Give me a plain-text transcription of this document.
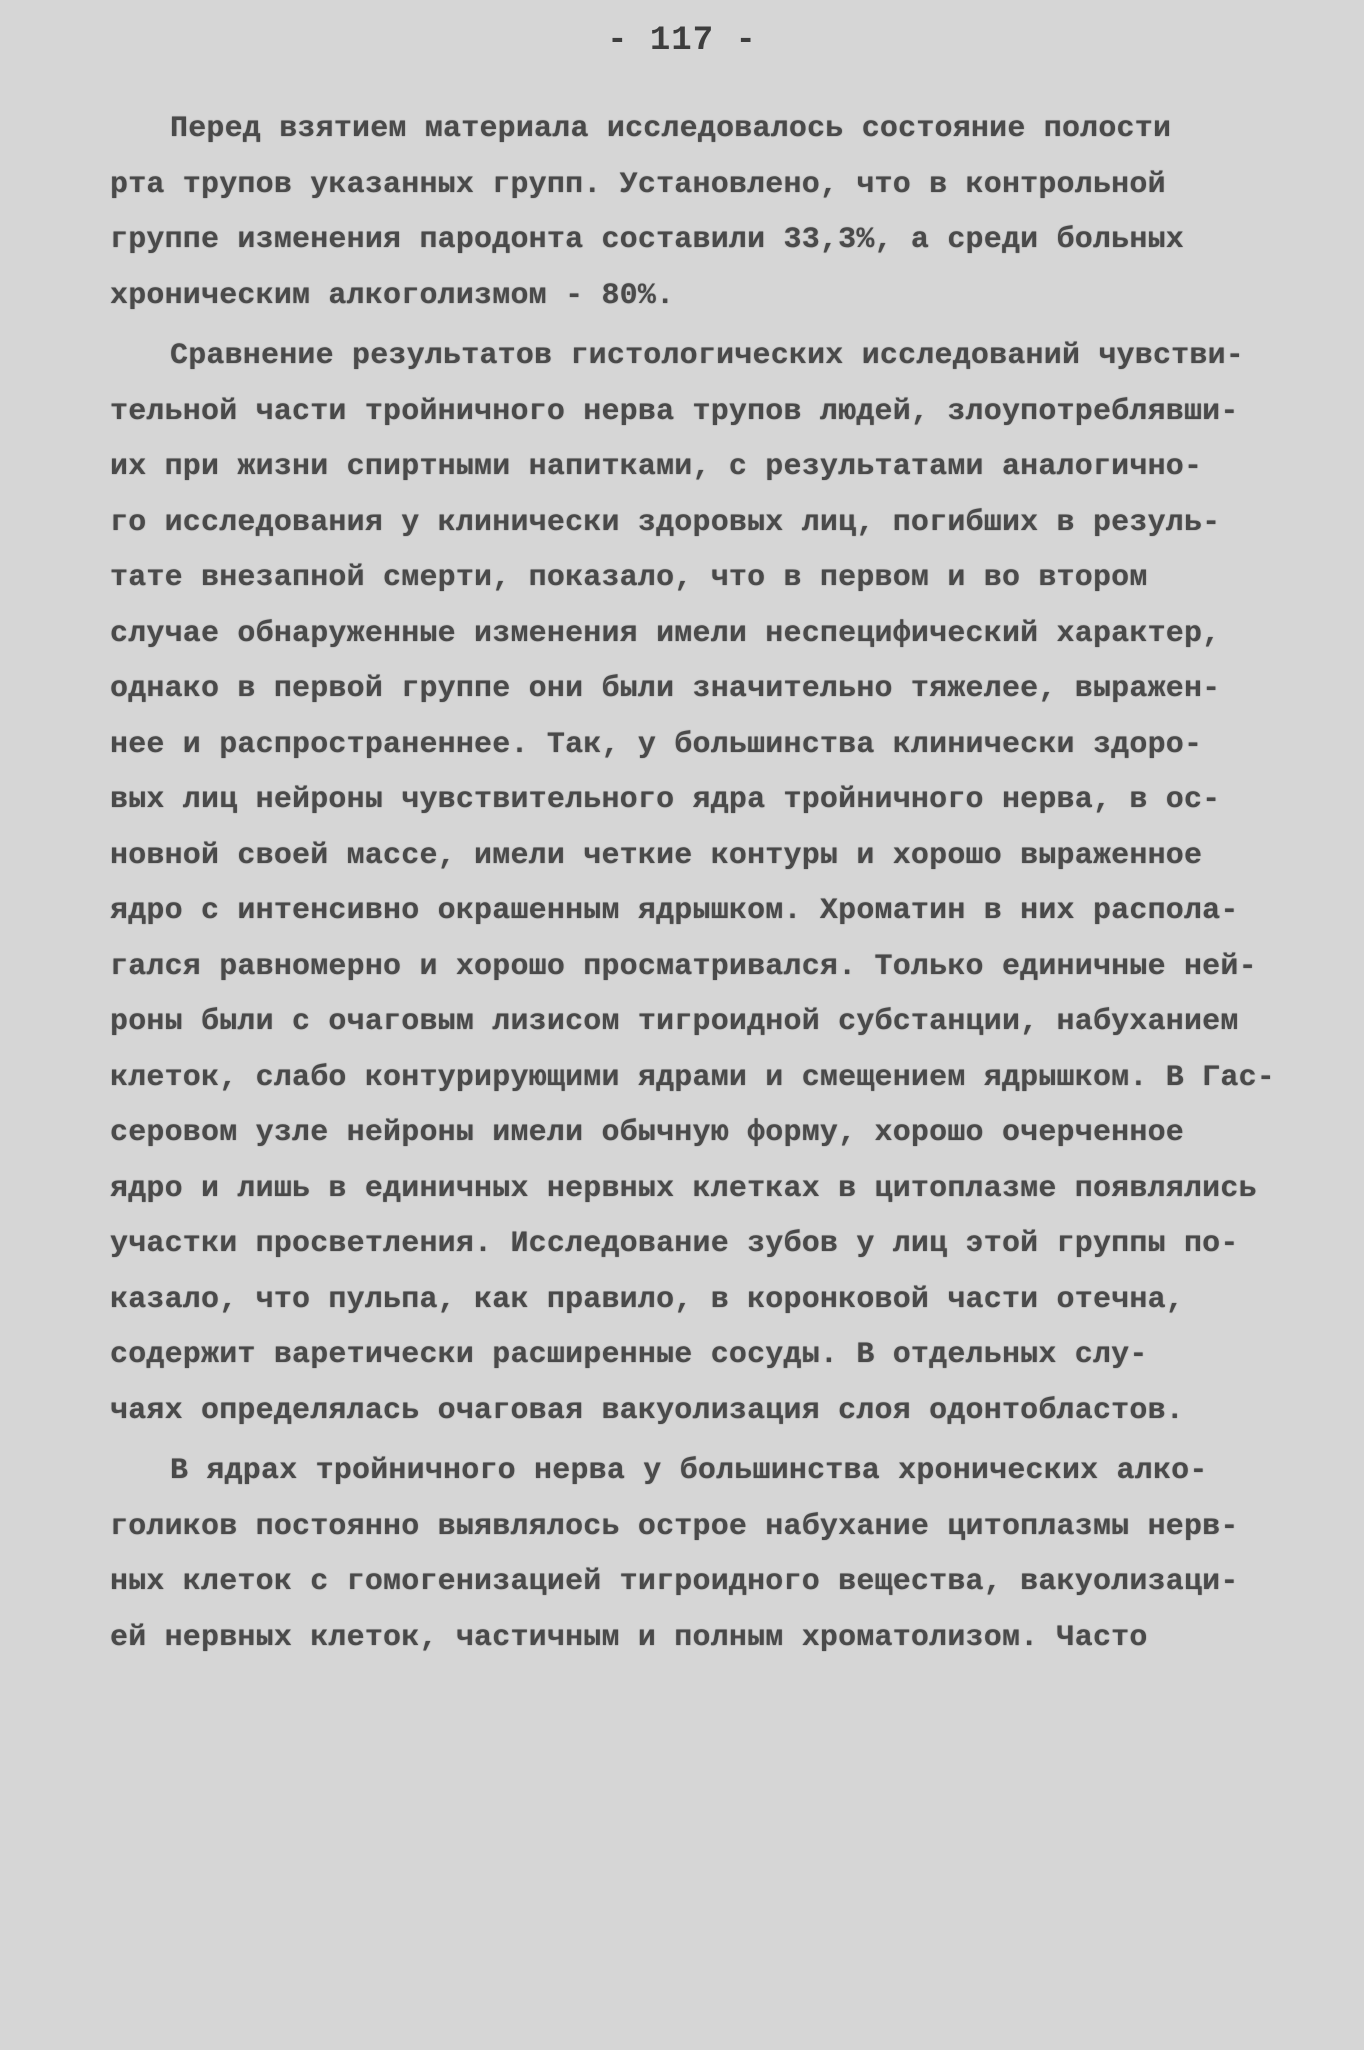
- 117 -
Перед взятием материала исследовалось состояние полости
рта трупов указанных групп. Установлено, что в контрольной
группе изменения пародонта составили 33,3%, а среди больных
хроническим алкоголизмом - 80%.
Сравнение результатов гистологических исследований чувстви-
тельной части тройничного нерва трупов людей, злоупотреблявши-
их при жизни спиртными напитками, с результатами аналогично-
го исследования у клинически здоровых лиц, погибших в резуль-
тате внезапной смерти, показало, что в первом и во втором
случае обнаруженные изменения имели неспецифический характер,
однако в первой группе они были значительно тяжелее, выражен-
нее и распространеннее. Так, у большинства клинически здоро-
вых лиц нейроны чувствительного ядра тройничного нерва, в ос-
новной своей массе, имели четкие контуры и хорошо выраженное
ядро с интенсивно окрашенным ядрышком. Хроматин в них распола-
гался равномерно и хорошо просматривался. Только единичные ней-
роны были с очаговым лизисом тигроидной субстанции, набуханием
клеток, слабо контурирующими ядрами и смещением ядрышком. В Гас-
серовом узле нейроны имели обычную форму, хорошо очерченное
ядро и лишь в единичных нервных клетках в цитоплазме появлялись
участки просветления. Исследование зубов у лиц этой группы по-
казало, что пульпа, как правило, в коронковой части отечна,
содержит варетически расширенные сосуды. В отдельных слу-
чаях определялась очаговая вакуолизация слоя одонтобластов.
В ядрах тройничного нерва у большинства хронических алко-
голиков постоянно выявлялось острое набухание цитоплазмы нерв-
ных клеток с гомогенизацией тигроидного вещества, вакуолизаци-
ей нервных клеток, частичным и полным хроматолизом. Часто
